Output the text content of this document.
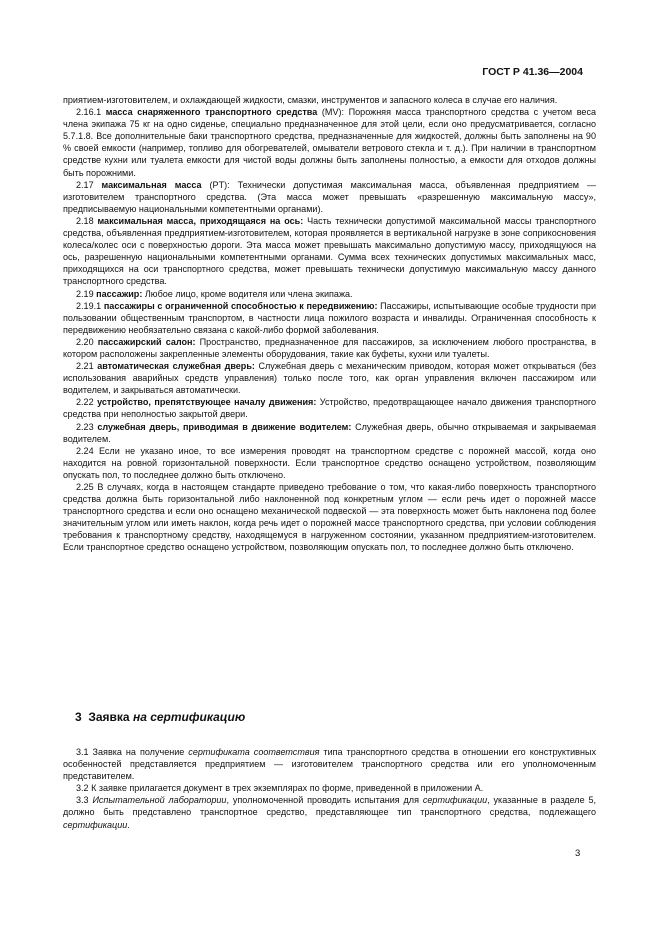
ГОСТ Р 41.36—2004

приятием-изготовителем, и охлаждающей жидкости, смазки, инструментов и запасного колеса в случае его наличия.

2.16.1 масса снаряженного транспортного средства (MV): Порожняя масса транспортного средства с учетом веса члена экипажа 75 кг на одно сиденье, специально предназначенное для этой цели, если оно предусматривается, согласно 5.7.1.8. Все дополнительные баки транспортного средства, предназначенные для жидкостей, должны быть заполнены на 90 % своей емкости (например, топливо для обогревателей, омыватели ветрового стекла и т. д.). При наличии в транспортном средстве кухни или туалета емкости для чистой воды должны быть заполнены полностью, а емкости для отходов должны быть порожними.

2.17 максимальная масса (PT): Технически допустимая максимальная масса, объявленная предприятием — изготовителем транспортного средства. (Эта масса может превышать «разрешенную максимальную массу», предписываемую национальными компетентными органами).

2.18 максимальная масса, приходящаяся на ось: Часть технически допустимой максимальной массы транспортного средства, объявленная предприятием-изготовителем, которая проявляется в вертикальной нагрузке в зоне соприкосновения колеса/колес оси с поверхностью дороги. Эта масса может превышать максимально допустимую массу, приходящуюся на ось, разрешенную национальными компетентными органами. Сумма всех технических допустимых максимальных масс, приходящихся на оси транспортного средства, может превышать технически допустимую максимальную массу данного транспортного средства.

2.19 пассажир: Любое лицо, кроме водителя или члена экипажа.

2.19.1 пассажиры с ограниченной способностью к передвижению: Пассажиры, испытывающие особые трудности при пользовании общественным транспортом, в частности лица пожилого возраста и инвалиды. Ограниченная способность к передвижению необязательно связана с какой-либо формой заболевания.

2.20 пассажирский салон: Пространство, предназначенное для пассажиров, за исключением любого пространства, в котором расположены закрепленные элементы оборудования, такие как буфеты, кухни или туалеты.

2.21 автоматическая служебная дверь: Служебная дверь с механическим приводом, которая может открываться (без использования аварийных средств управления) только после того, как орган управления включен пассажиром или водителем, и закрываться автоматически.

2.22 устройство, препятствующее началу движения: Устройство, предотвращающее начало движения транспортного средства при неполностью закрытой двери.

2.23 служебная дверь, приводимая в движение водителем: Служебная дверь, обычно открываемая и закрываемая водителем.

2.24 Если не указано иное, то все измерения проводят на транспортном средстве с порожней массой, когда оно находится на ровной горизонтальной поверхности. Если транспортное средство оснащено устройством, позволяющим опускать пол, то последнее должно быть отключено.

2.25 В случаях, когда в настоящем стандарте приведено требование о том, что какая-либо поверхность транспортного средства должна быть горизонтальной либо наклоненной под конкретным углом — если речь идет о порожней массе транспортного средства и если оно оснащено механической подвеской — эта поверхность может быть наклонена под более значительным углом или иметь наклон, когда речь идет о порожней массе транспортного средства, при условии соблюдения требования к транспортному средству, находящемуся в нагруженном состоянии, указанном предприятием-изготовителем. Если транспортное средство оснащено устройством, позволяющим опускать пол, то последнее должно быть отключено.

3 Заявка на сертификацию

3.1 Заявка на получение сертификата соответствия типа транспортного средства в отношении его конструктивных особенностей представляется предприятием — изготовителем транспортного средства или его уполномоченным представителем.

3.2 К заявке прилагается документ в трех экземплярах по форме, приведенной в приложении А.

3.3 Испытательной лаборатории, уполномоченной проводить испытания для сертификации, указанные в разделе 5, должно быть представлено транспортное средство, представляющее тип транспортного средства, подлежащего сертификации.

3
